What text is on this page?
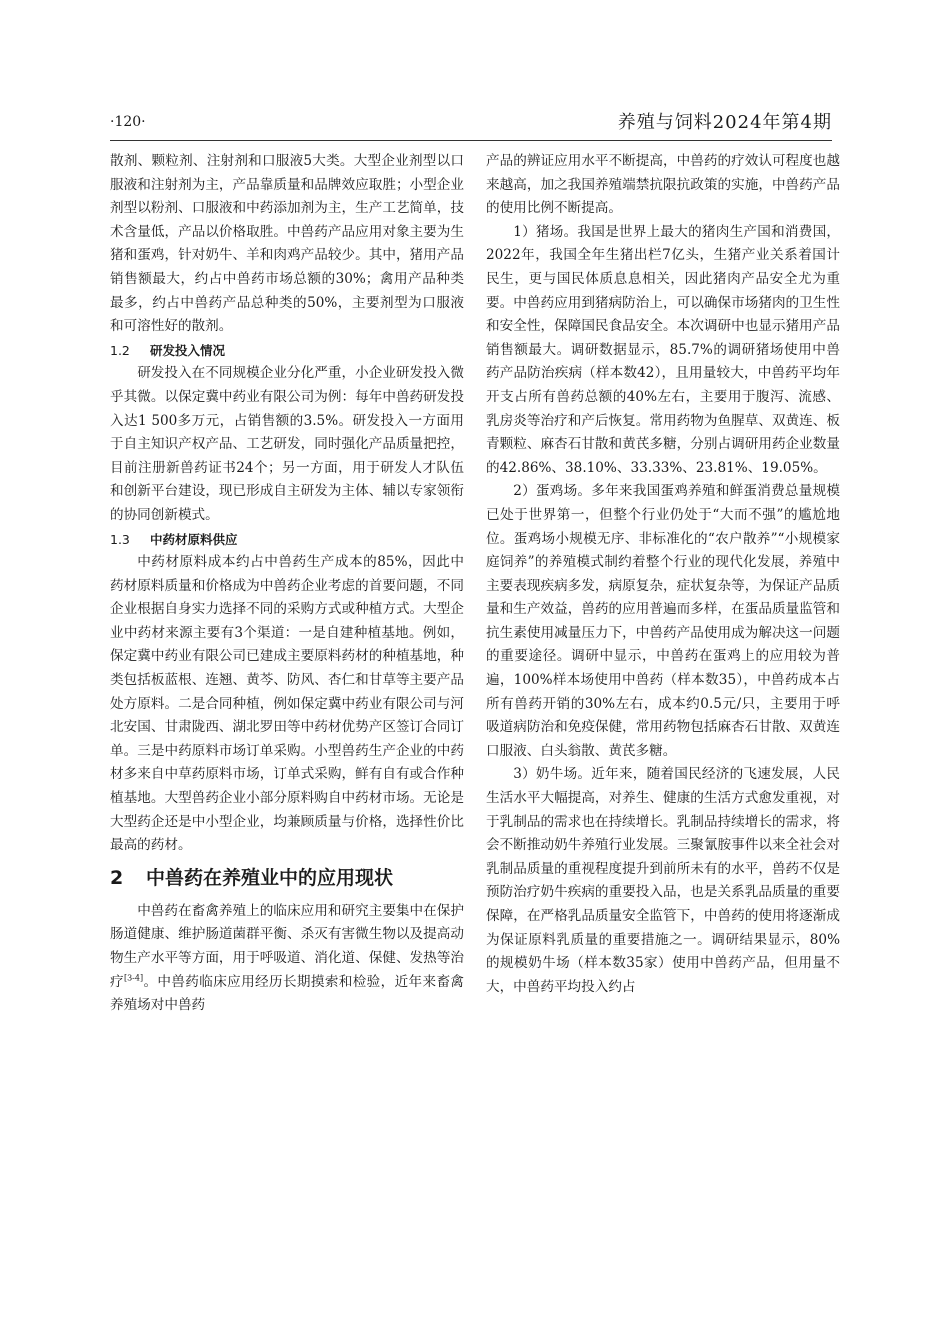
·120·	养殖与饲料2024年第4期

散剂、颗粒剂、注射剂和口服液5大类。大型企业剂型以口服液和注射剂为主，产品靠质量和品牌效应取胜；小型企业剂型以粉剂、口服液和中药添加剂为主，生产工艺简单，技术含量低，产品以价格取胜。中兽药产品应用对象主要为生猪和蛋鸡，针对奶牛、羊和肉鸡产品较少。其中，猪用产品销售额最大，约占中兽药市场总额的30%；禽用产品种类最多，约占中兽药产品总种类的50%，主要剂型为口服液和可溶性好的散剂。

1.2 研发投入情况

研发投入在不同规模企业分化严重，小企业研发投入微乎其微。以保定冀中药业有限公司为例：每年中兽药研发投入达1 500多万元，占销售额的3.5%。研发投入一方面用于自主知识产权产品、工艺研发，同时强化产品质量把控，目前注册新兽药证书24个；另一方面，用于研发人才队伍和创新平台建设，现已形成自主研发为主体、辅以专家领衔的协同创新模式。

1.3 中药材原料供应

中药材原料成本约占中兽药生产成本的85%，因此中药材原料质量和价格成为中兽药企业考虑的首要问题，不同企业根据自身实力选择不同的采购方式或种植方式。大型企业中药材来源主要有3个渠道：一是自建种植基地。例如，保定冀中药业有限公司已建成主要原料药材的种植基地，种类包括板蓝根、连翘、黄芩、防风、杏仁和甘草等主要产品处方原料。二是合同种植，例如保定冀中药业有限公司与河北安国、甘肃陇西、湖北罗田等中药材优势产区签订合同订单。三是中药原料市场订单采购。小型兽药生产企业的中药材多来自中草药原料市场，订单式采购，鲜有自有或合作种植基地。大型兽药企业小部分原料购自中药材市场。无论是大型药企还是中小型企业，均兼顾质量与价格，选择性价比最高的药材。

2 中兽药在养殖业中的应用现状

中兽药在畜禽养殖上的临床应用和研究主要集中在保护肠道健康、维护肠道菌群平衡、杀灭有害微生物以及提高动物生产水平等方面，用于呼吸道、消化道、保健、发热等治疗[3-4]。中兽药临床应用经历长期摸索和检验，近年来畜禽养殖场对中兽药

产品的辨证应用水平不断提高，中兽药的疗效认可程度也越来越高，加之我国养殖端禁抗限抗政策的实施，中兽药产品的使用比例不断提高。

1）猪场。我国是世界上最大的猪肉生产国和消费国，2022年，我国全年生猪出栏7亿头，生猪产业关系着国计民生，更与国民体质息息相关，因此猪肉产品安全尤为重要。中兽药应用到猪病防治上，可以确保市场猪肉的卫生性和安全性，保障国民食品安全。本次调研中也显示猪用产品销售额最大。调研数据显示，85.7%的调研猪场使用中兽药产品防治疾病（样本数42），且用量较大，中兽药平均年开支占所有兽药总额的40%左右，主要用于腹泻、流感、乳房炎等治疗和产后恢复。常用药物为鱼腥草、双黄连、板青颗粒、麻杏石甘散和黄芪多糖，分别占调研用药企业数量的42.86%、38.10%、33.33%、23.81%、19.05%。

2）蛋鸡场。多年来我国蛋鸡养殖和鲜蛋消费总量规模已处于世界第一，但整个行业仍处于“大而不强”的尴尬地位。蛋鸡场小规模无序、非标准化的“农户散养”“小规模家庭饲养”的养殖模式制约着整个行业的现代化发展，养殖中主要表现疾病多发，病原复杂，症状复杂等，为保证产品质量和生产效益，兽药的应用普遍而多样，在蛋品质量监管和抗生素使用减量压力下，中兽药产品使用成为解决这一问题的重要途径。调研中显示，中兽药在蛋鸡上的应用较为普遍，100%样本场使用中兽药（样本数35），中兽药成本占所有兽药开销的30%左右，成本约0.5元/只，主要用于呼吸道病防治和免疫保健，常用药物包括麻杏石甘散、双黄连口服液、白头翁散、黄芪多糖。

3）奶牛场。近年来，随着国民经济的飞速发展，人民生活水平大幅提高，对养生、健康的生活方式愈发重视，对于乳制品的需求也在持续增长。乳制品持续增长的需求，将会不断推动奶牛养殖行业发展。三聚氰胺事件以来全社会对乳制品质量的重视程度提升到前所未有的水平，兽药不仅是预防治疗奶牛疾病的重要投入品，也是关系乳品质量的重要保障，在严格乳品质量安全监管下，中兽药的使用将逐渐成为保证原料乳质量的重要措施之一。调研结果显示，80%的规模奶牛场（样本数35家）使用中兽药产品，但用量不大，中兽药平均投入约占
